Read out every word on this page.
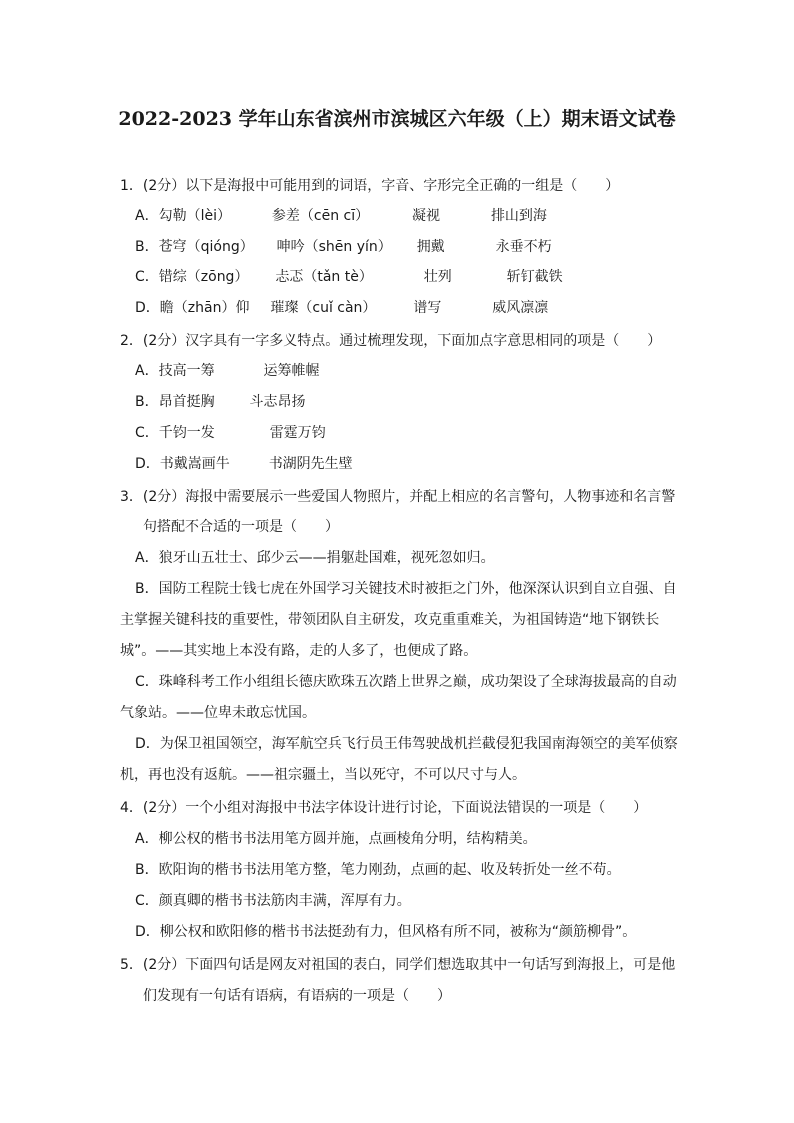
2022-2023 学年山东省滨州市滨城区六年级（上）期末语文试卷
1．(2分）以下是海报中可能用到的词语，字音、字形完全正确的一组是（　　）
A．勾勒（lèi）	参差（cēn cī）	凝视	排山到海
B．苍穹（qióng） 呻吟（shēn yín） 拥戴	永垂不朽
C．错综（zōng） 忐忑（tǎn tè）	壮列	斩钉截铁
D．瞻（zhān）仰 璀璨（cuǐ càn）	谱写	威风凛凛
2．(2分）汉字具有一字多义特点。通过梳理发现，下面加点字意思相同的项是（　　）
A．技高一筹	运筹帷幄
B．昂首挺胸 斗志昂扬
C．千钧一发	雷霆万钧
D．书戴嵩画牛	书湖阴先生壁
3．(2分）海报中需要展示一些爱国人物照片，并配上相应的名言警句，人物事迹和名言警
句搭配不合适的一项是（　　）
A．狼牙山五壮士、邱少云——捐躯赴国难，视死忽如归。
B．国防工程院士钱七虎在外国学习关键技术时被拒之门外，他深深认识到自立自强、自
主掌握关键科技的重要性，带领团队自主研发，攻克重重难关，为祖国铸造“地下钢铁长
城”。——其实地上本没有路，走的人多了，也便成了路。
C．珠峰科考工作小组组长德庆欧珠五次踏上世界之巅，成功架设了全球海拔最高的自动
气象站。——位卑未敢忘忧国。
D．为保卫祖国领空，海军航空兵飞行员王伟驾驶战机拦截侵犯我国南海领空的美军侦察
机，再也没有返航。——祖宗疆土，当以死守，不可以尺寸与人。
4．(2分）一个小组对海报中书法字体设计进行讨论，下面说法错误的一项是（　　）
A．柳公权的楷书书法用笔方圆并施，点画棱角分明，结构精美。
B．欧阳询的楷书书法用笔方整，笔力刚劲，点画的起、收及转折处一丝不苟。
C．颜真卿的楷书书法筋肉丰满，浑厚有力。
D．柳公权和欧阳修的楷书书法挺劲有力，但风格有所不同，被称为“颜筋柳骨”。
5．(2分）下面四句话是网友对祖国的表白，同学们想选取其中一句话写到海报上，可是他
们发现有一句话有语病，有语病的一项是（　　）
